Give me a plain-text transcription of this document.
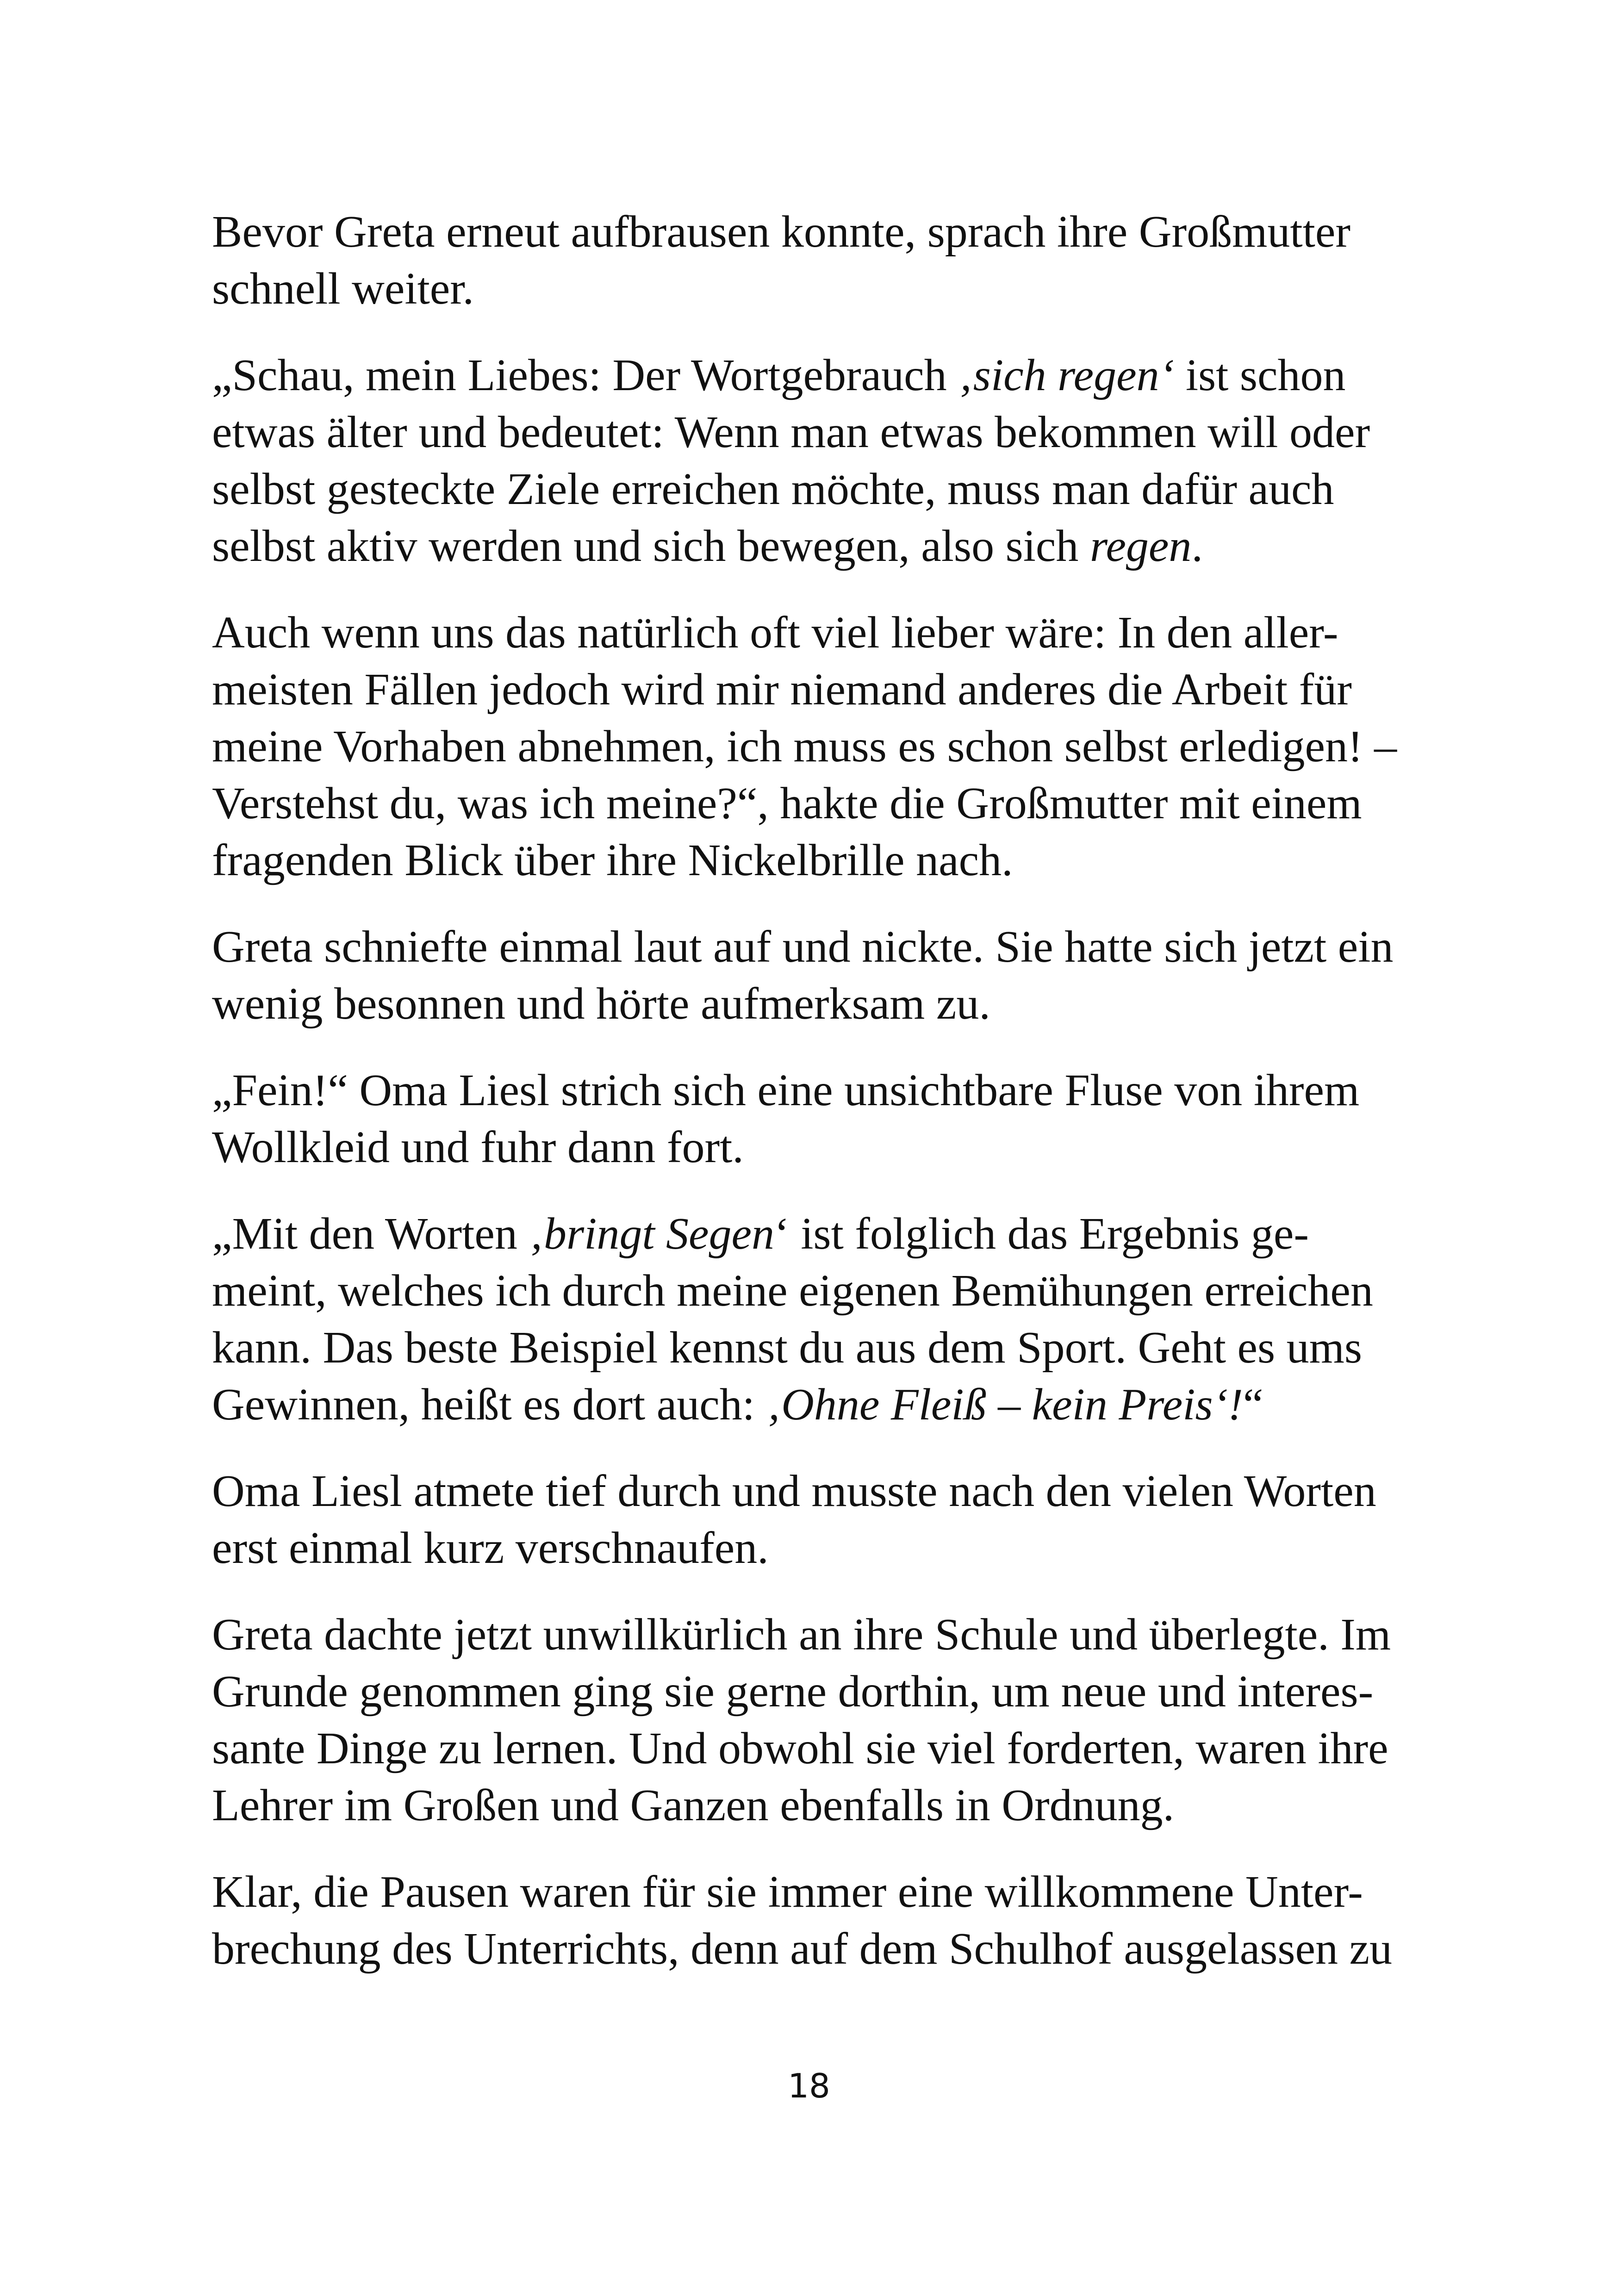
Bevor Greta erneut aufbrausen konnte, sprach ihre Großmutter
schnell weiter.

„Schau, mein Liebes: Der Wortgebrauch ‚sich regen‘ ist schon
etwas älter und bedeutet: Wenn man etwas bekommen will oder
selbst gesteckte Ziele erreichen möchte, muss man dafür auch
selbst aktiv werden und sich bewegen, also sich regen.

Auch wenn uns das natürlich oft viel lieber wäre: In den aller-
meisten Fällen jedoch wird mir niemand anderes die Arbeit für
meine Vorhaben abnehmen, ich muss es schon selbst erledigen! –
Verstehst du, was ich meine?“, hakte die Großmutter mit einem
fragenden Blick über ihre Nickelbrille nach.

Greta schniefte einmal laut auf und nickte. Sie hatte sich jetzt ein
wenig besonnen und hörte aufmerksam zu.

„Fein!“ Oma Liesl strich sich eine unsichtbare Fluse von ihrem
Wollkleid und fuhr dann fort.

„Mit den Worten ‚bringt Segen‘ ist folglich das Ergebnis ge-
meint, welches ich durch meine eigenen Bemühungen erreichen
kann. Das beste Beispiel kennst du aus dem Sport. Geht es ums
Gewinnen, heißt es dort auch: ‚Ohne Fleiß – kein Preis‘!“

Oma Liesl atmete tief durch und musste nach den vielen Worten
erst einmal kurz verschnaufen.

Greta dachte jetzt unwillkürlich an ihre Schule und überlegte. Im
Grunde genommen ging sie gerne dorthin, um neue und interes-
sante Dinge zu lernen. Und obwohl sie viel forderten, waren ihre
Lehrer im Großen und Ganzen ebenfalls in Ordnung.

Klar, die Pausen waren für sie immer eine willkommene Unter-
brechung des Unterrichts, denn auf dem Schulhof ausgelassen zu

18
